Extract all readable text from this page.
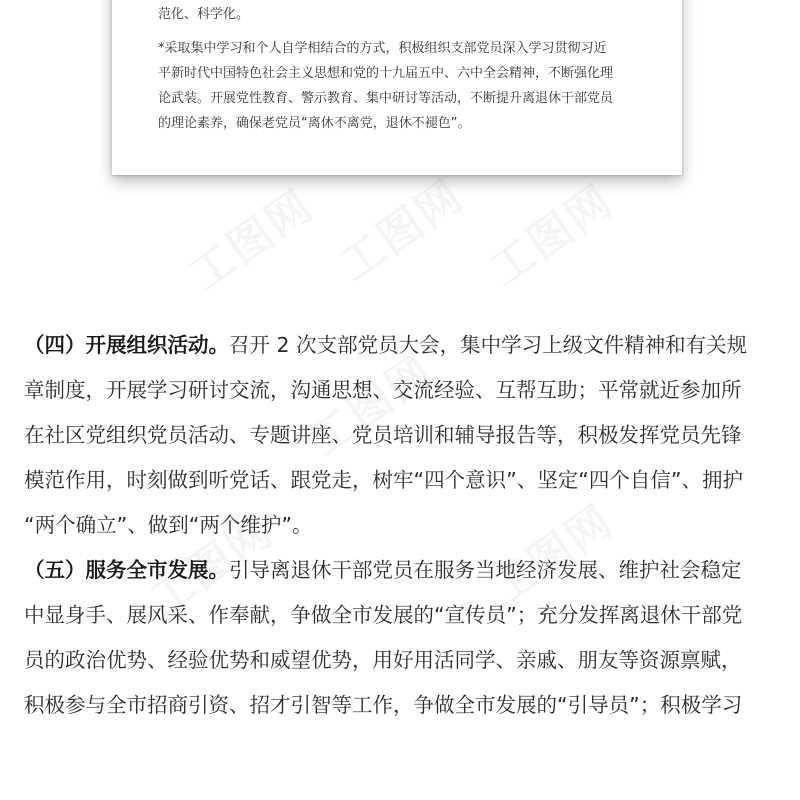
范化、科学化。
*采取集中学习和个人自学相结合的方式，积极组织支部党员深入学习贯彻习近
平新时代中国特色社会主义思想和党的十九届五中、六中全会精神，不断强化理
论武装。开展党性教育、警示教育、集中研讨等活动，不断提升离退休干部党员
的理论素养，确保老党员“离休不离党，退休不褪色”。
（四）开展组织活动。召开 2 次支部党员大会，集中学习上级文件精神和有关规
章制度，开展学习研讨交流，沟通思想、交流经验、互帮互助；平常就近参加所
在社区党组织党员活动、专题讲座、党员培训和辅导报告等，积极发挥党员先锋
模范作用，时刻做到听党话、跟党走，树牢“四个意识”、坚定“四个自信”、拥护
“两个确立”、做到“两个维护”。
（五）服务全市发展。引导离退休干部党员在服务当地经济发展、维护社会稳定
中显身手、展风采、作奉献，争做全市发展的“宣传员”；充分发挥离退休干部党
员的政治优势、经验优势和威望优势，用好用活同学、亲戚、朋友等资源禀赋，
积极参与全市招商引资、招才引智等工作，争做全市发展的“引导员”；积极学习
